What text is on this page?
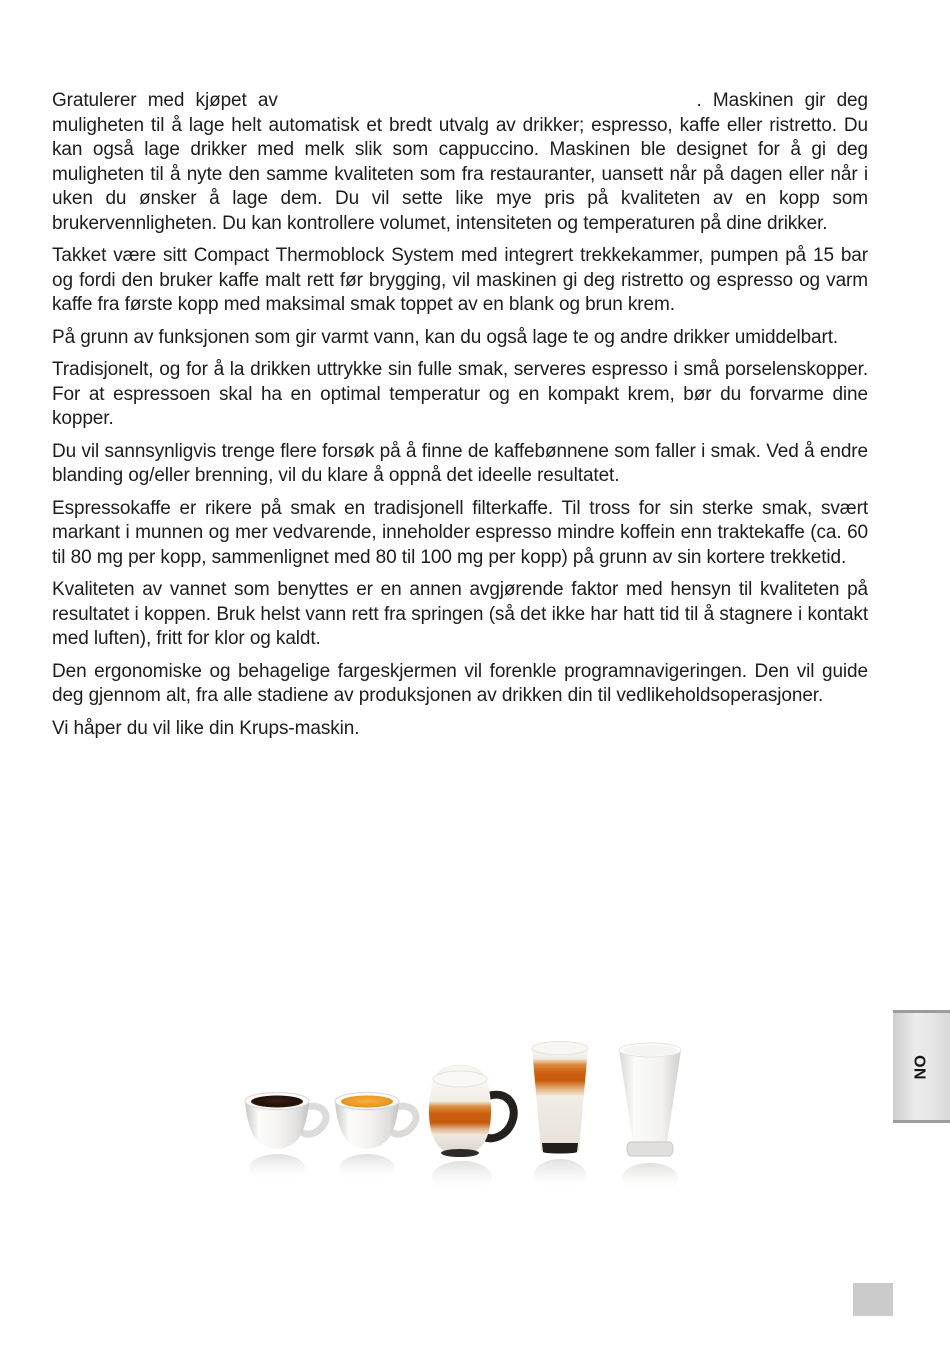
Gratulerer med kjøpet av	. Maskinen gir deg
muligheten til å lage helt automatisk et bredt utvalg av drikker; espresso, kaffe eller ristretto. Du kan også lage drikker med melk slik som cappuccino. Maskinen ble designet for å gi deg muligheten til å nyte den samme kvaliteten som fra restauranter, uansett når på dagen eller når i uken du ønsker å lage dem. Du vil sette like mye pris på kvaliteten av en kopp som brukervennligheten. Du kan kontrollere volumet, intensiteten og temperaturen på dine drikker.

Takket være sitt Compact Thermoblock System med integrert trekkekammer, pumpen på 15 bar og fordi den bruker kaffe malt rett før brygging, vil maskinen gi deg ristretto og espresso og varm kaffe fra første kopp med maksimal smak toppet av en blank og brun krem.

På grunn av funksjonen som gir varmt vann, kan du også lage te og andre drikker umiddelbart.

Tradisjonelt, og for å la drikken uttrykke sin fulle smak, serveres espresso i små porselenskopper. For at espressoen skal ha en optimal temperatur og en kompakt krem, bør du forvarme dine kopper.

Du vil sannsynligvis trenge flere forsøk på å finne de kaffebønnene som faller i smak. Ved å endre blanding og/eller brenning, vil du klare å oppnå det ideelle resultatet.

Espressokaffe er rikere på smak en tradisjonell filterkaffe. Til tross for sin sterke smak, svært markant i munnen og mer vedvarende, inneholder espresso mindre koffein enn traktekaffe (ca. 60 til 80 mg per kopp, sammenlignet med 80 til 100 mg per kopp) på grunn av sin kortere trekketid.

Kvaliteten av vannet som benyttes er en annen avgjørende faktor med hensyn til kvaliteten på resultatet i koppen. Bruk helst vann rett fra springen (så det ikke har hatt tid til å stagnere i kontakt med luften), fritt for klor og kaldt.

Den ergonomiske og behagelige fargeskjermen vil forenkle programnavigeringen. Den vil guide deg gjennom alt, fra alle stadiene av produksjonen av drikken din til vedlikeholdsoperasjoner.

Vi håper du vil like din Krups-maskin.

NO
